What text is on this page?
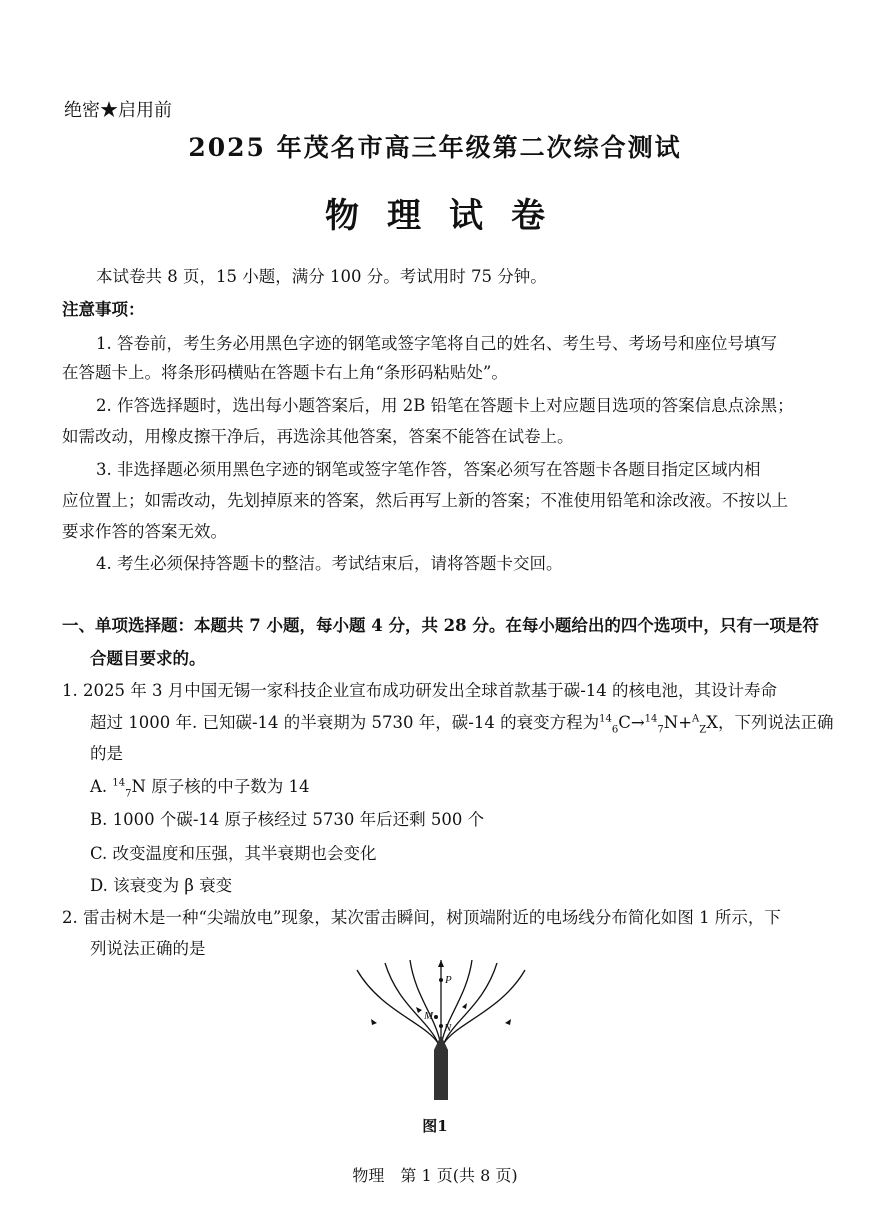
绝密★启用前
2025 年茂名市高三年级第二次综合测试
物理试卷
本试卷共 8 页，15 小题，满分 100 分。考试用时 75 分钟。
注意事项：
1. 答卷前，考生务必用黑色字迹的钢笔或签字笔将自己的姓名、考生号、考场号和座位号填写
在答题卡上。将条形码横贴在答题卡右上角“条形码粘贴处”。
2. 作答选择题时，选出每小题答案后，用 2B 铅笔在答题卡上对应题目选项的答案信息点涂黑；
如需改动，用橡皮擦干净后，再选涂其他答案，答案不能答在试卷上。
3. 非选择题必须用黑色字迹的钢笔或签字笔作答，答案必须写在答题卡各题目指定区域内相
应位置上；如需改动，先划掉原来的答案，然后再写上新的答案；不准使用铅笔和涂改液。不按以上
要求作答的答案无效。
4. 考生必须保持答题卡的整洁。考试结束后，请将答题卡交回。
一、单项选择题：本题共 7 小题，每小题 4 分，共 28 分。在每小题给出的四个选项中，只有一项是符
合题目要求的。
1. 2025 年 3 月中国无锡一家科技企业宣布成功研发出全球首款基于碳-14 的核电池，其设计寿命
超过 1000 年. 已知碳-14 的半衰期为 5730 年，碳-14 的衰变方程为$^{14}_6$C→$^{14}_7$N+$^A_Z$X，下列说法正确
的是
A. $^{14}_7$N 原子核的中子数为 14
B. 1000 个碳-14 原子核经过 5730 年后还剩 500 个
C. 改变温度和压强，其半衰期也会变化
D. 该衰变为 β 衰变
2. 雷击树木是一种“尖端放电”现象，某次雷击瞬间，树顶端附近的电场线分布简化如图 1 所示，下
列说法正确的是
P
M
N
图1
物理　第 1 页(共 8 页)
